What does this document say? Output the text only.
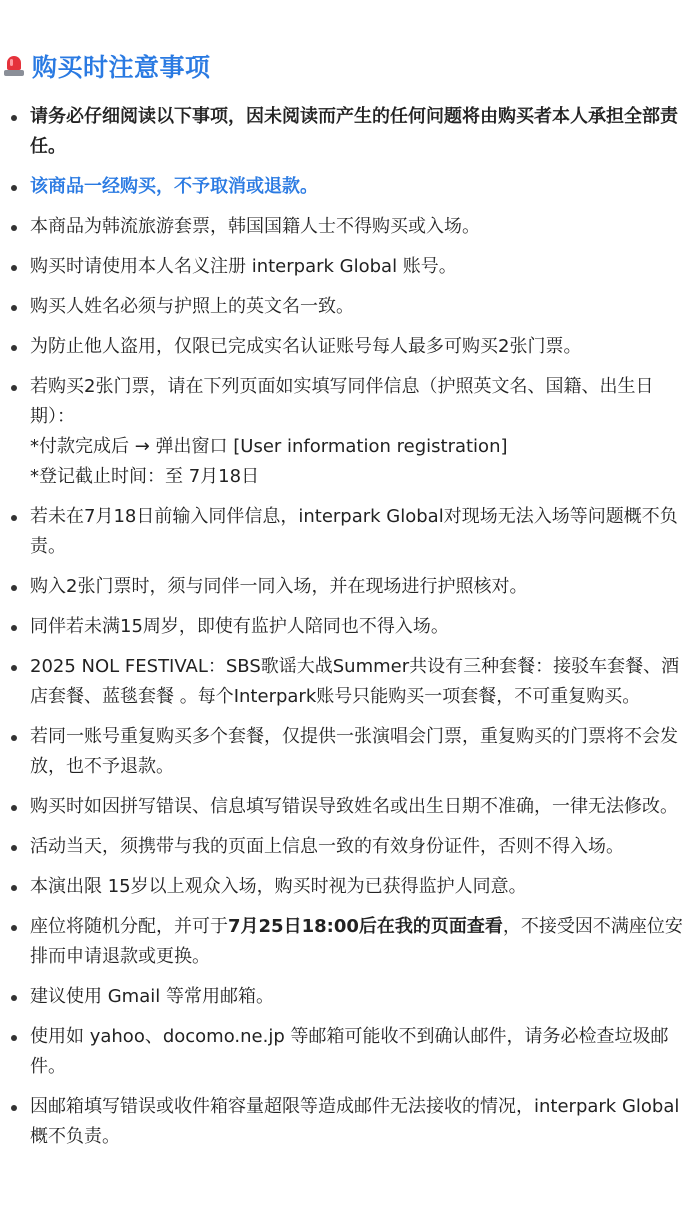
购买时注意事项
请务必仔细阅读以下事项，因未阅读而产生的任何问题将由购买者本人承担全部责任。
该商品一经购买，不予取消或退款。
本商品为韩流旅游套票，韩国国籍人士不得购买或入场。
购买时请使用本人名义注册 interpark Global 账号。
购买人姓名必须与护照上的英文名一致。
为防止他人盗用，仅限已完成实名认证账号每人最多可购买2张门票。
若购买2张门票，请在下列页面如实填写同伴信息（护照英文名、国籍、出生日期）：
*付款完成后 → 弹出窗口 [User information registration]
*登记截止时间：至 7月18日
若未在7月18日前输入同伴信息，interpark Global对现场无法入场等问题概不负责。
购入2张门票时，须与同伴一同入场，并在现场进行护照核对。
同伴若未满15周岁，即使有监护人陪同也不得入场。
2025 NOL FESTIVAL：SBS歌谣大战Summer共设有三种套餐：接驳车套餐、酒店套餐、蓝毯套餐 。每个Interpark账号只能购买一项套餐，不可重复购买。
若同一账号重复购买多个套餐，仅提供一张演唱会门票，重复购买的门票将不会发放，也不予退款。
购买时如因拼写错误、信息填写错误导致姓名或出生日期不准确，一律无法修改。
活动当天，须携带与我的页面上信息一致的有效身份证件，否则不得入场。
本演出限 15岁以上观众入场，购买时视为已获得监护人同意。
座位将随机分配，并可于7月25日18:00后在我的页面查看，不接受因不满座位安排而申请退款或更换。
建议使用 Gmail 等常用邮箱。
使用如 yahoo、docomo.ne.jp 等邮箱可能收不到确认邮件，请务必检查垃圾邮件。
因邮箱填写错误或收件箱容量超限等造成邮件无法接收的情况，interpark Global 概不负责。
